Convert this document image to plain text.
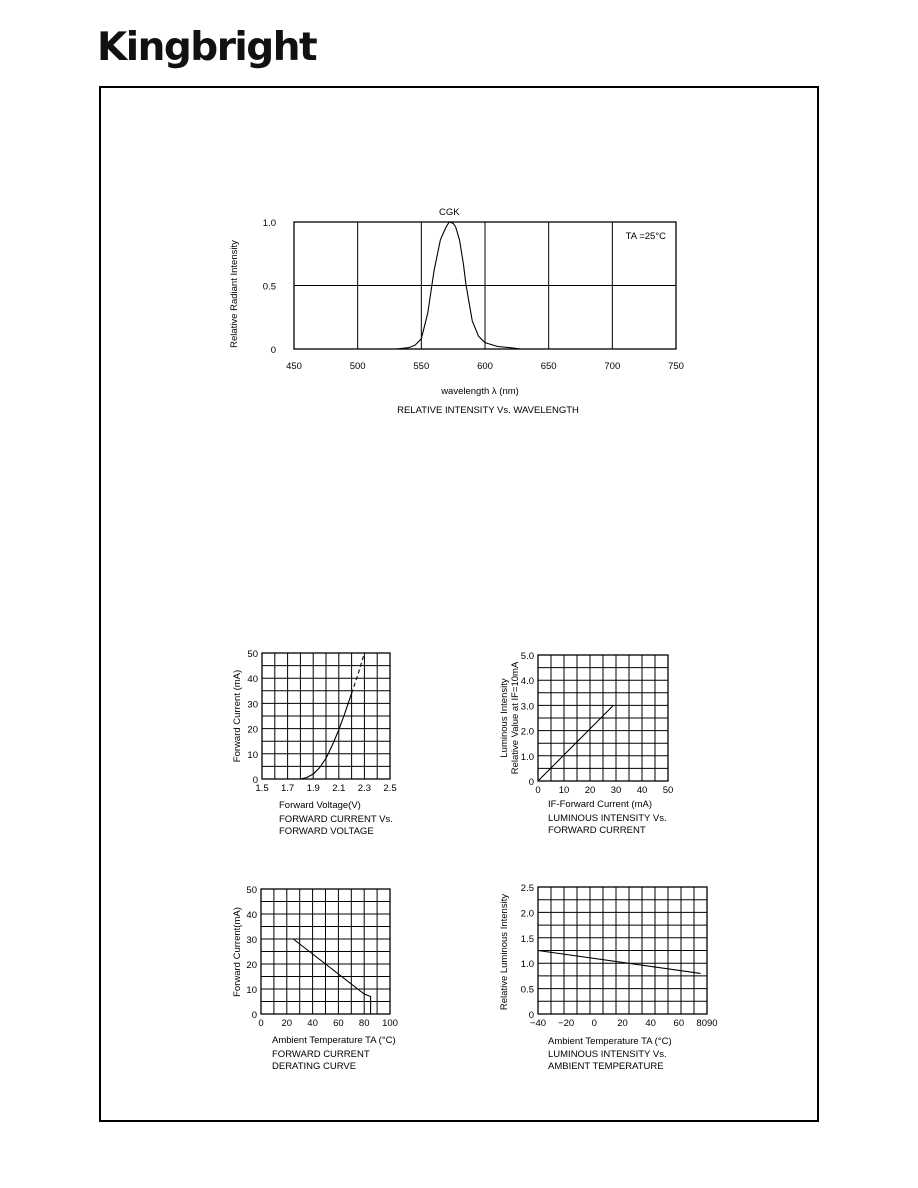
Kingbright
450	500	550	600	650	700	750
0
0.5
1.0
Relative Radiant Intensity
CGK
TA =25°C
wavelength λ (nm)
RELATIVE INTENSITY Vs. WAVELENGTH
1.5 1.7 1.9 2.1 2.3 2.5
0
10
20
30
40
50
Forward Current (mA)
Forward Voltage(V)
0 10 20 30 40 50
0
1.0
2.0
3.0
4.0
5.0
Luminous Intensity Relative Value at IF=10mA
IF-Forward Current (mA)
0 20 40 60 80 100
0
10
20
30
40
50
Forward Current(mA)
Ambient Temperature TA (°C)
−40 −20 0 20 40 60 8090
0
0.5
1.0
1.5
2.0
2.5
Relative Luminous Intensity
Ambient Temperature TA (°C)
FORWARD CURRENT Vs.
FORWARD VOLTAGE
LUMINOUS INTENSITY Vs.
FORWARD CURRENT
FORWARD CURRENT
DERATING CURVE
LUMINOUS INTENSITY Vs.
AMBIENT TEMPERATURE
